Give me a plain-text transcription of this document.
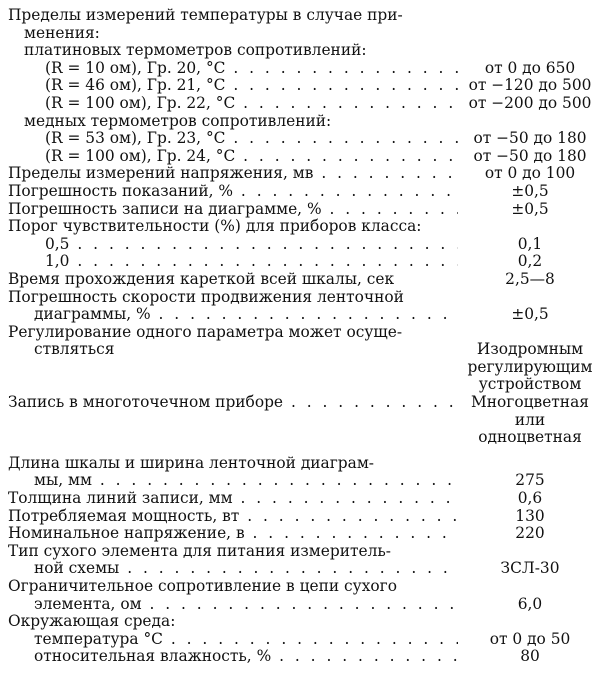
Пределы измерений температуры в случае при-
менения:
платиновых термометров сопротивлений:
(R = 10 ом), Гр. 20, °С . . .	от 0 до 650
(R = 46 ом), Гр. 21, °С . . .	от −120 до 500
(R = 100 ом), Гр. 22, °С . . .	от −200 до 500
медных термометров сопротивлений:
(R = 53 ом), Гр. 23, °С . . .	от −50 до 180
(R = 100 ом), Гр. 24, °С . . .	от −50 до 180
Пределы измерений напряжения, мв . . .	от 0 до 100
Погрешность показаний, % . . .	±0,5
Погрешность записи на диаграмме, % . . .	±0,5
Порог чувствительности (%) для приборов класса:
0,5 . . .	0,1
1,0 . . .	0,2
Время прохождения кареткой всей шкалы, сек	2,5—8
Погрешность скорости продвижения ленточной
диаграммы, % . . .	±0,5
Регулирование одного параметра может осуще-
ствляться	Изодромным
регулирующим
устройством
Запись в многоточечном приборе . . .	Многоцветная
или
одноцветная
Длина шкалы и ширина ленточной диаграм-
мы, мм . . .	275
Толщина линий записи, мм . . .	0,6
Потребляемая мощность, вт . . .	130
Номинальное напряжение, в . . .	220
Тип сухого элемента для питания измеритель-
ной схемы . . .	ЗСЛ-30
Ограничительное сопротивление в цепи сухого
элемента, ом . . .	6,0
Окружающая среда:
температура °С . . .	от 0 до 50
относительная влажность, % . . .	80
